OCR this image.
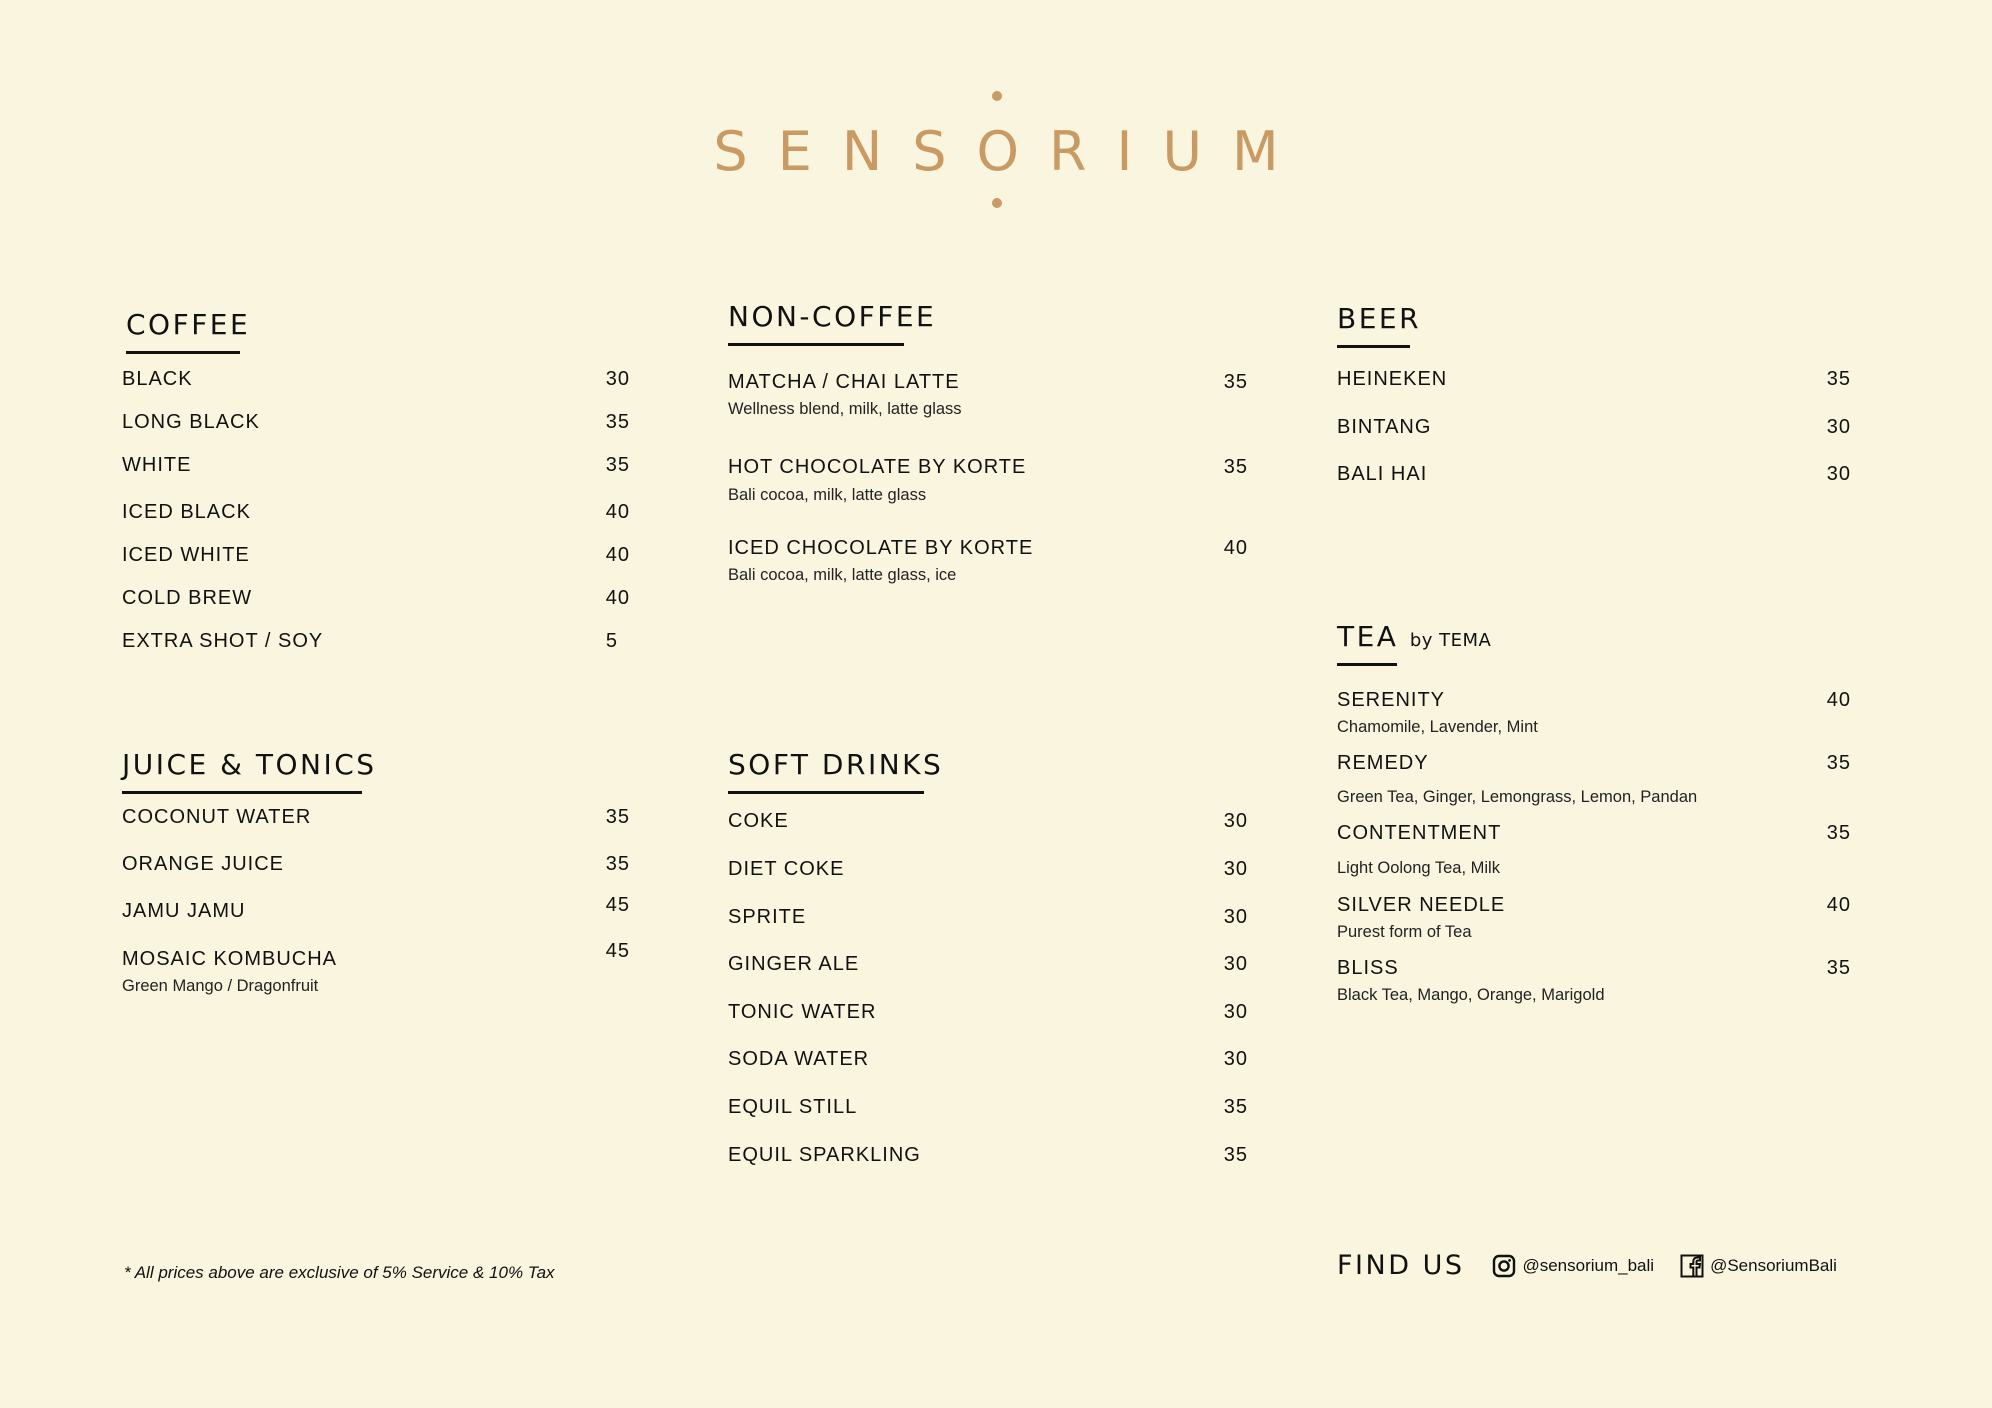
SENSORIUM
COFFEE
BLACK	30
LONG BLACK	35
WHITE	35
ICED BLACK	40
ICED WHITE	40
COLD BREW	40
EXTRA SHOT / SOY	5
NON-COFFEE
MATCHA / CHAI LATTE	35
Wellness blend, milk, latte glass
HOT CHOCOLATE BY KORTE	35
Bali cocoa, milk, latte glass
ICED CHOCOLATE BY KORTE	40
Bali cocoa, milk, latte glass, ice
BEER
HEINEKEN	35
BINTANG	30
BALI HAI	30
JUICE & TONICS
COCONUT WATER	35
ORANGE JUICE	35
JAMU JAMU	45
MOSAIC KOMBUCHA	45
Green Mango / Dragonfruit
SOFT DRINKS
COKE	30
DIET COKE	30
SPRITE	30
GINGER ALE	30
TONIC WATER	30
SODA WATER	30
EQUIL STILL	35
EQUIL SPARKLING	35
TEA by TEMA
SERENITY	40
Chamomile, Lavender, Mint
REMEDY	35
Green Tea, Ginger, Lemongrass, Lemon, Pandan
CONTENTMENT	35
Light Oolong Tea, Milk
SILVER NEEDLE	40
Purest form of Tea
BLISS	35
Black Tea, Mango, Orange, Marigold
* All prices above are exclusive of 5% Service & 10% Tax	FIND US	@sensorium_bali	@SensoriumBali
